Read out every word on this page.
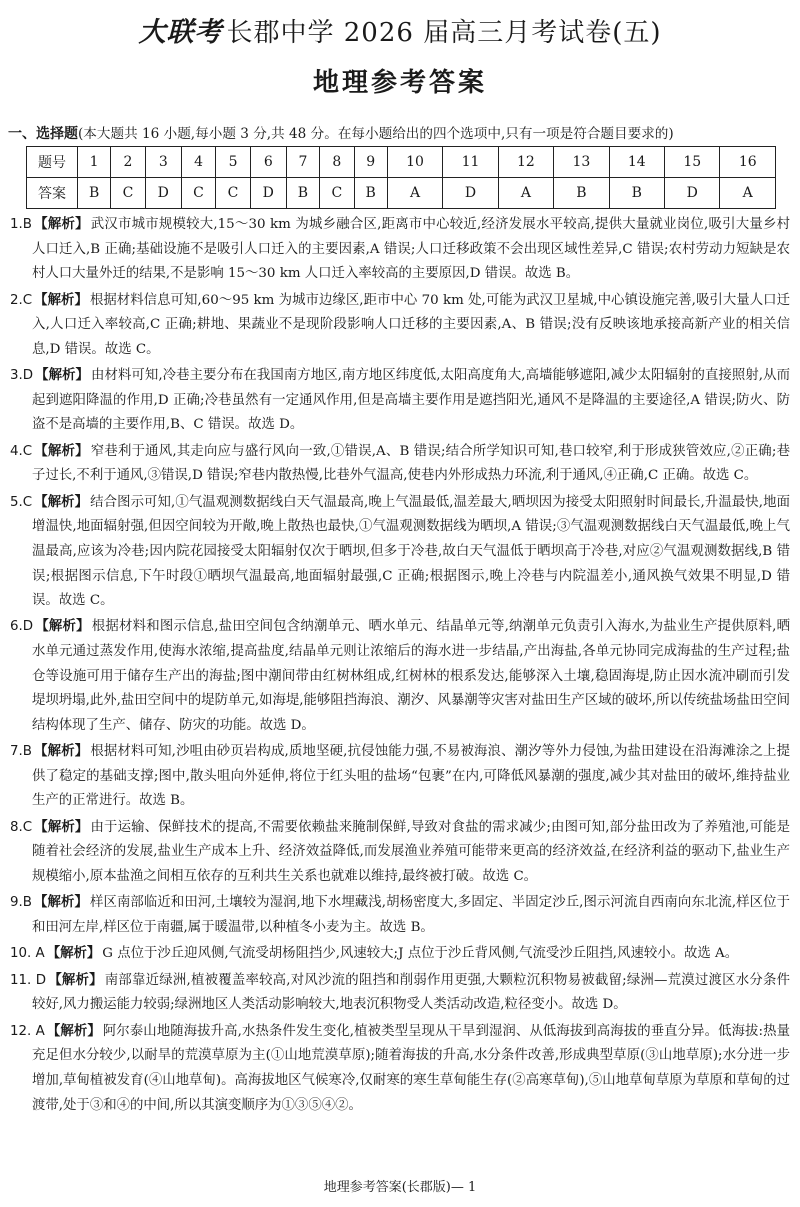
大联考 长郡中学 2026 届高三月考试卷(五)
地理参考答案
一、选择题(本大题共 16 小题,每小题 3 分,共 48 分。在每小题给出的四个选项中,只有一项是符合题目要求的)
题号	1	2	3	4	5	6	7	8	9	10	11	12	13	14	15	16
答案	B	C	D	C	C	D	B	C	B	A	D	A	B	B	D	A

1.B 【解析】 武汉市城市规模较大,15～30 km 为城乡融合区,距离市中心较近,经济发展水平较高,提供大量就业岗位,吸引大量乡村人口迁入,B 正确;基础设施不是吸引人口迁入的主要因素,A 错误;人口迁移政策不会出现区域性差异,C 错误;农村劳动力短缺是农村人口大量外迁的结果,不是影响 15～30 km 人口迁入率较高的主要原因,D 错误。故选 B。

2.C 【解析】 根据材料信息可知,60～95 km 为城市边缘区,距市中心 70 km 处,可能为武汉卫星城,中心镇设施完善,吸引大量人口迁入,人口迁入率较高,C 正确;耕地、果蔬业不是现阶段影响人口迁移的主要因素,A、B 错误;没有反映该地承接高新产业的相关信息,D 错误。故选 C。

3.D 【解析】 由材料可知,冷巷主要分布在我国南方地区,南方地区纬度低,太阳高度角大,高墙能够遮阳,减少太阳辐射的直接照射,从而起到遮阳降温的作用,D 正确;冷巷虽然有一定通风作用,但是高墙主要作用是遮挡阳光,通风不是降温的主要途径,A 错误;防火、防盗不是高墙的主要作用,B、C 错误。故选 D。

4.C 【解析】 窄巷利于通风,其走向应与盛行风向一致,①错误,A、B 错误;结合所学知识可知,巷口较窄,利于形成狭管效应,②正确;巷子过长,不利于通风,③错误,D 错误;窄巷内散热慢,比巷外气温高,使巷内外形成热力环流,利于通风,④正确,C 正确。故选 C。

5.C 【解析】 结合图示可知,①气温观测数据线白天气温最高,晚上气温最低,温差最大,晒坝因为接受太阳照射时间最长,升温最快,地面增温快,地面辐射强,但因空间较为开敞,晚上散热也最快,①气温观测数据线为晒坝,A 错误;③气温观测数据线白天气温最低,晚上气温最高,应该为冷巷;因内院花园接受太阳辐射仅次于晒坝,但多于冷巷,故白天气温低于晒坝高于冷巷,对应②气温观测数据线,B 错误;根据图示信息,下午时段①晒坝气温最高,地面辐射最强,C 正确;根据图示,晚上冷巷与内院温差小,通风换气效果不明显,D 错误。故选 C。

6.D 【解析】 根据材料和图示信息,盐田空间包含纳潮单元、晒水单元、结晶单元等,纳潮单元负责引入海水,为盐业生产提供原料,晒水单元通过蒸发作用,使海水浓缩,提高盐度,结晶单元则让浓缩后的海水进一步结晶,产出海盐,各单元协同完成海盐的生产过程;盐仓等设施可用于储存生产出的海盐;图中潮间带由红树林组成,红树林的根系发达,能够深入土壤,稳固海堤,防止因水流冲刷而引发堤坝坍塌,此外,盐田空间中的堤防单元,如海堤,能够阻挡海浪、潮汐、风暴潮等灾害对盐田生产区域的破坏,所以传统盐场盐田空间结构体现了生产、储存、防灾的功能。故选 D。

7.B 【解析】 根据材料可知,沙咀由砂页岩构成,质地坚硬,抗侵蚀能力强,不易被海浪、潮汐等外力侵蚀,为盐田建设在沿海滩涂之上提供了稳定的基础支撑;图中,散头咀向外延伸,将位于红头咀的盐场“包裹”在内,可降低风暴潮的强度,减少其对盐田的破坏,维持盐业生产的正常进行。故选 B。

8.C 【解析】 由于运输、保鲜技术的提高,不需要依赖盐来腌制保鲜,导致对食盐的需求减少;由图可知,部分盐田改为了养殖池,可能是随着社会经济的发展,盐业生产成本上升、经济效益降低,而发展渔业养殖可能带来更高的经济效益,在经济利益的驱动下,盐业生产规模缩小,原本盐渔之间相互依存的互利共生关系也就难以维持,最终被打破。故选 C。

9.B 【解析】 样区南部临近和田河,土壤较为湿润,地下水埋藏浅,胡杨密度大,多固定、半固定沙丘,图示河流自西南向东北流,样区位于和田河左岸,样区位于南疆,属于暖温带,以种植冬小麦为主。故选 B。

10. A 【解析】 G 点位于沙丘迎风侧,气流受胡杨阻挡少,风速较大;J 点位于沙丘背风侧,气流受沙丘阻挡,风速较小。故选 A。

11. D 【解析】 南部靠近绿洲,植被覆盖率较高,对风沙流的阻挡和削弱作用更强,大颗粒沉积物易被截留;绿洲—荒漠过渡区水分条件较好,风力搬运能力较弱;绿洲地区人类活动影响较大,地表沉积物受人类活动改造,粒径变小。故选 D。

12. A 【解析】 阿尔泰山地随海拔升高,水热条件发生变化,植被类型呈现从干旱到湿润、从低海拔到高海拔的垂直分异。低海拔:热量充足但水分较少,以耐旱的荒漠草原为主(①山地荒漠草原);随着海拔的升高,水分条件改善,形成典型草原(③山地草原);水分进一步增加,草甸植被发育(④山地草甸)。高海拔地区气候寒冷,仅耐寒的寒生草甸能生存(②高寒草甸),⑤山地草甸草原为草原和草甸的过渡带,处于③和④的中间,所以其演变顺序为①③⑤④②。

地理参考答案(长郡版)— 1
